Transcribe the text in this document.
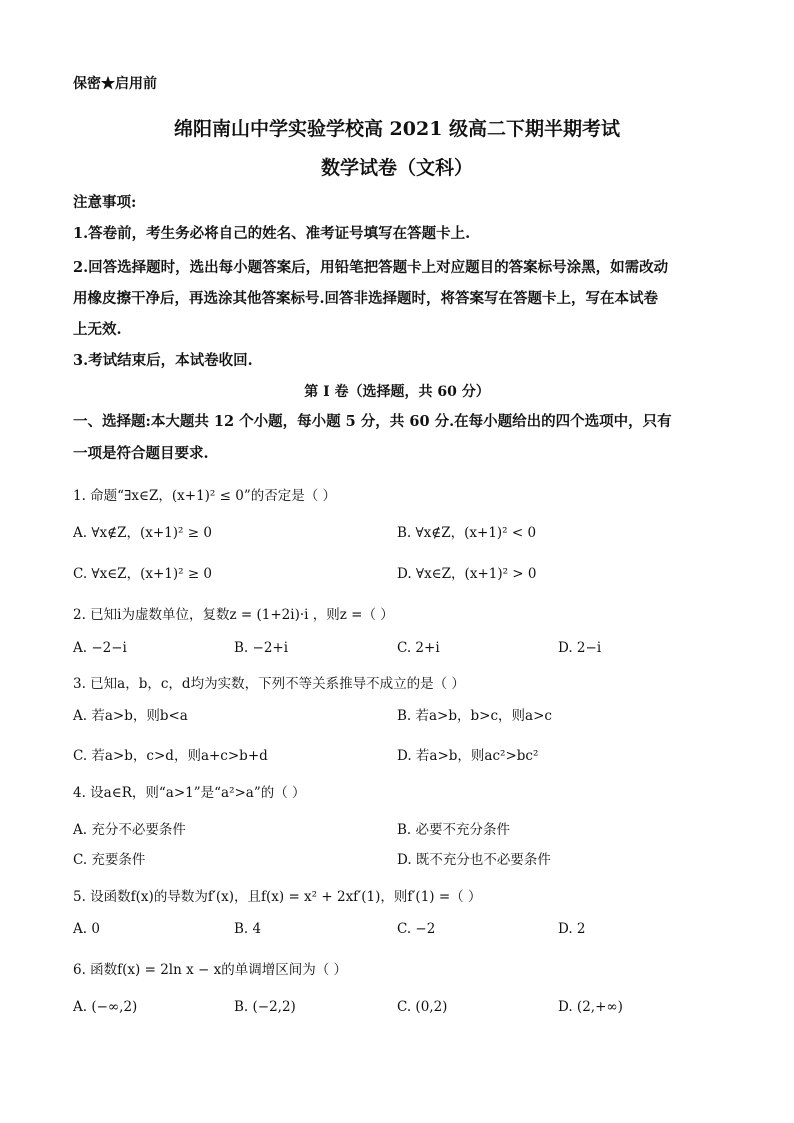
保密★启用前
绵阳南山中学实验学校高 2021 级高二下期半期考试
数学试卷（文科）
注意事项:
1.答卷前，考生务必将自己的姓名、准考证号填写在答题卡上.
2.回答选择题时，选出每小题答案后，用铅笔把答题卡上对应题目的答案标号涂黑，如需改动
用橡皮擦干净后，再选涂其他答案标号.回答非选择题时，将答案写在答题卡上，写在本试卷
上无效.
3.考试结束后，本试卷收回.
第 I 卷（选择题，共 60 分）
一、选择题:本大题共 12 个小题，每小题 5 分，共 60 分.在每小题给出的四个选项中，只有
一项是符合题目要求.
1. 命题“∃x∈Z，(x+1)² ≤ 0”的否定是（ ）
A. ∀x∉Z，(x+1)² ≥ 0	B. ∀x∉Z，(x+1)² < 0
C. ∀x∈Z，(x+1)² ≥ 0	D. ∀x∈Z，(x+1)² > 0
2. 已知i为虚数单位，复数z = (1+2i)·i ，则z =（ ）
A. −2−i	B. −2+i	C. 2+i	D. 2−i
3. 已知a，b，c，d均为实数，下列不等关系推导不成立的是（ ）
A. 若a>b，则b<a	B. 若a>b，b>c，则a>c
C. 若a>b，c>d，则a+c>b+d	D. 若a>b，则ac²>bc²
4. 设a∈R，则“a>1”是“a²>a”的（ ）
A. 充分不必要条件	B. 必要不充分条件
C. 充要条件	D. 既不充分也不必要条件
5. 设函数f(x)的导数为f′(x)，且f(x) = x² + 2xf′(1)，则f′(1) =（ ）
A. 0	B. 4	C. −2	D. 2
6. 函数f(x) = 2ln x − x的单调增区间为（ ）
A. (−∞,2)	B. (−2,2)	C. (0,2)	D. (2,+∞)
